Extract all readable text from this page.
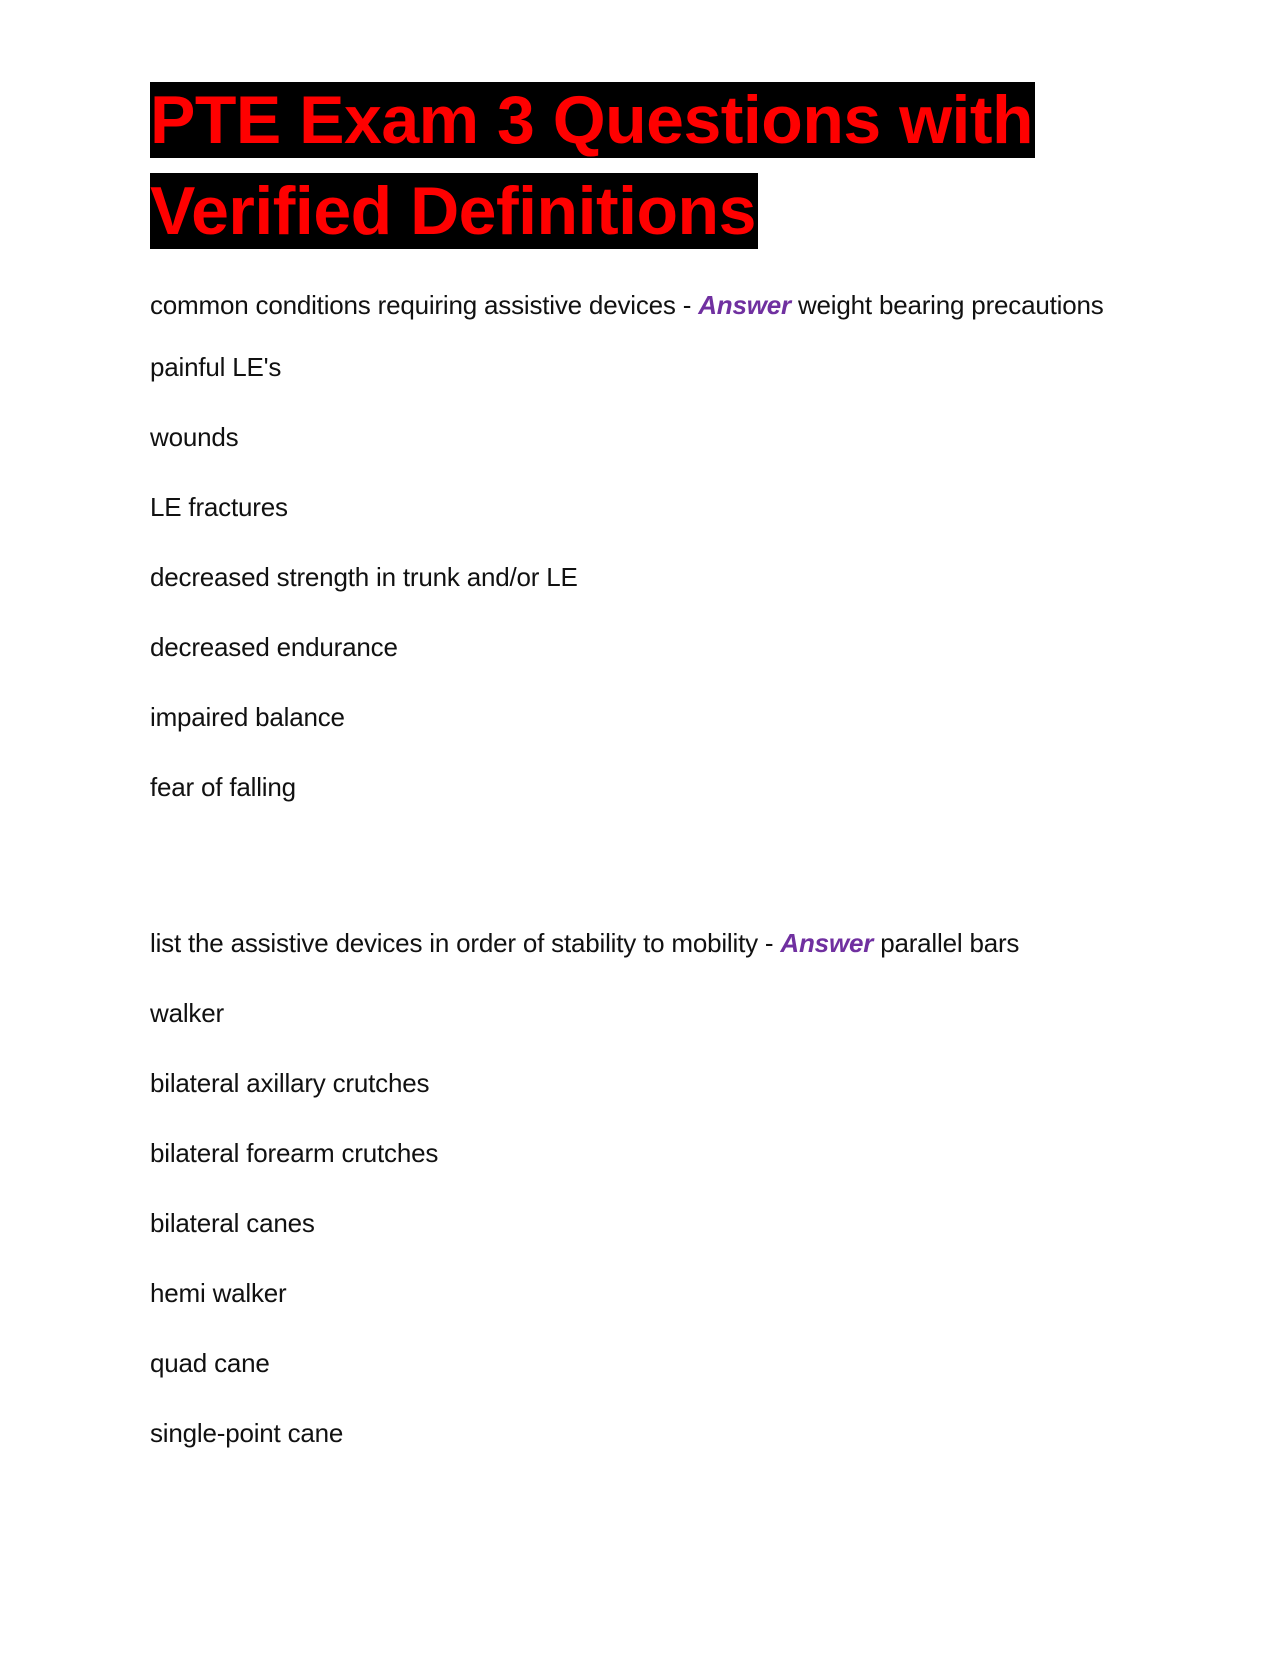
PTE Exam 3 Questions with Verified Definitions

common conditions requiring assistive devices - Answer weight bearing precautions

painful LE's

wounds

LE fractures

decreased strength in trunk and/or LE

decreased endurance

impaired balance

fear of falling

list the assistive devices in order of stability to mobility - Answer parallel bars

walker

bilateral axillary crutches

bilateral forearm crutches

bilateral canes

hemi walker

quad cane

single-point cane
